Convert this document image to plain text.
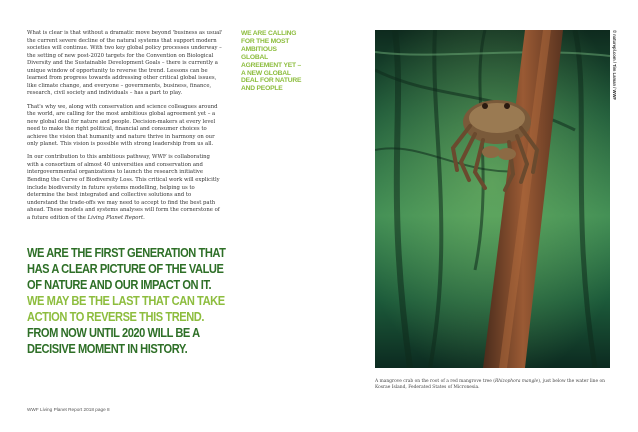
What is clear is that without a dramatic move beyond 'business as usual' the current severe decline of the natural systems that support modern societies will continue. With two key global policy processes underway – the setting of new post-2020 targets for the Convention on Biological Diversity and the Sustainable Development Goals – there is currently a unique window of opportunity to reverse the trend. Lessons can be learned from progress towards addressing other critical global issues, like climate change, and everyone – governments, business, finance, research, civil society and individuals – has a part to play.

That's why we, along with conservation and science colleagues around the world, are calling for the most ambitious global agreement yet – a new global deal for nature and people. Decision-makers at every level need to make the right political, financial and consumer choices to achieve the vision that humanity and nature thrive in harmony on our only planet. This vision is possible with strong leadership from us all.

In our contribution to this ambitious pathway, WWF is collaborating with a consortium of almost 40 universities and conservation and intergovernmental organizations to launch the research initiative Bending the Curve of Biodiversity Loss. This critical work will explicitly include biodiversity in future systems modelling, helping us to determine the best integrated and collective solutions and to understand the trade-offs we may need to accept to find the best path ahead. These models and systems analyses will form the cornerstone of a future edition of the Living Planet Report.

WE ARE CALLING FOR THE MOST AMBITIOUS GLOBAL AGREEMENT YET – A NEW GLOBAL DEAL FOR NATURE AND PEOPLE
WE ARE THE FIRST GENERATION THAT HAS A CLEAR PICTURE OF THE VALUE OF NATURE AND OUR IMPACT ON IT. WE MAY BE THE LAST THAT CAN TAKE ACTION TO REVERSE THIS TREND. FROM NOW UNTIL 2020 WILL BE A DECISIVE MOMENT IN HISTORY.
WWF Living Planet Report 2018 page 8
© naturepl.com / Tim Laman / WWF
A mangrove crab on the root of a red mangrove tree (Rhizophora mangle), just below the water line on Kosrae Island, Federated States of Micronesia.
